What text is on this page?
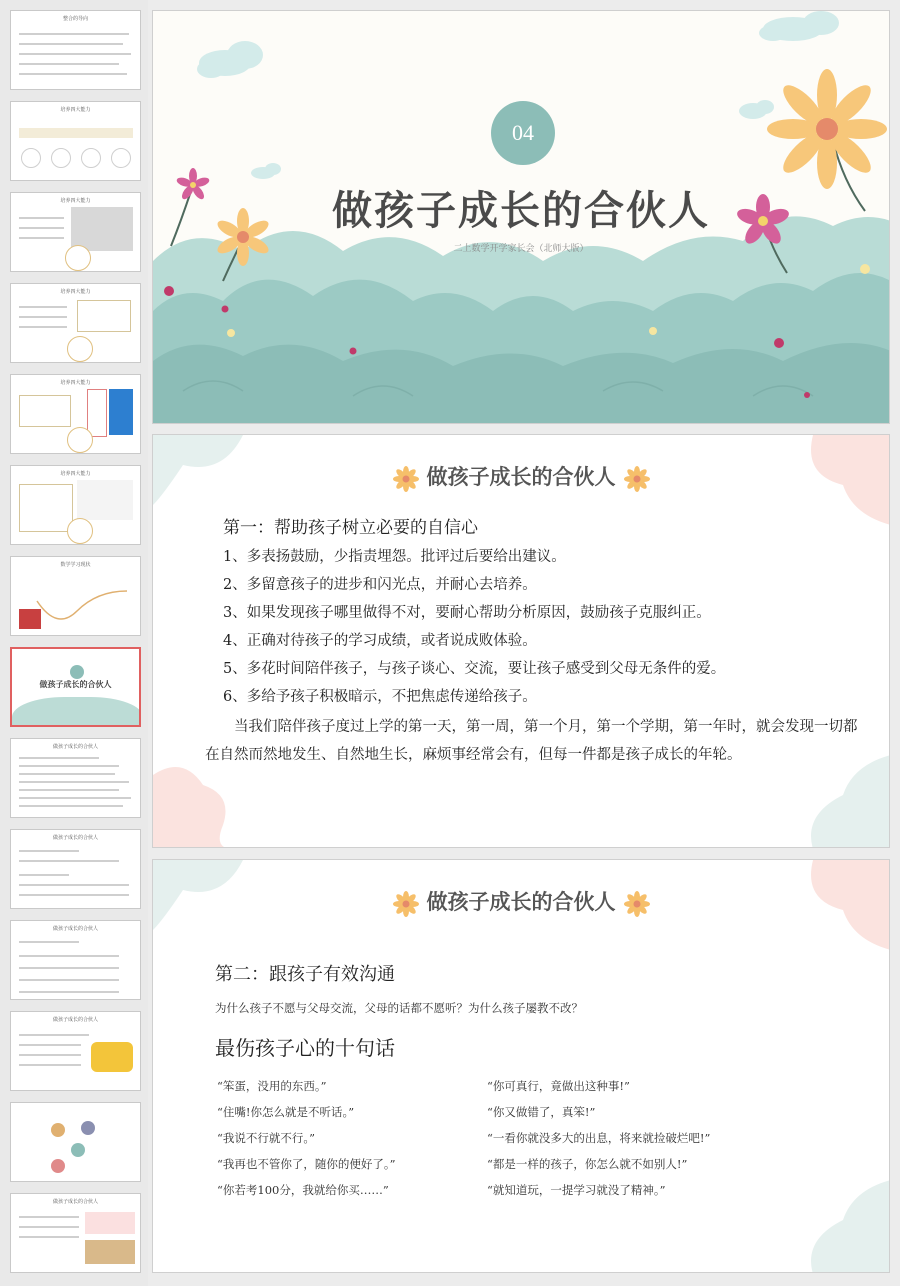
整合的导向
培养四大能力
培养四大能力
培养四大能力
培养四大能力
培养四大能力
数学学习现状
做孩子成长的合伙人
做孩子成长的合伙人
做孩子成长的合伙人
做孩子成长的合伙人
做孩子成长的合伙人
做孩子成长的合伙人
04
做孩子成长的合伙人
二上数学开学家长会（北师大版）
做孩子成长的合伙人
第一：帮助孩子树立必要的自信心
1、多表扬鼓励，少指责埋怨。批评过后要给出建议。
2、多留意孩子的进步和闪光点，并耐心去培养。
3、如果发现孩子哪里做得不对，要耐心帮助分析原因，鼓励孩子克服纠正。
4、正确对待孩子的学习成绩，或者说成败体验。
5、多花时间陪伴孩子，与孩子谈心、交流，要让孩子感受到父母无条件的爱。
6、多给予孩子积极暗示，不把焦虑传递给孩子。
当我们陪伴孩子度过上学的第一天，第一周，第一个月，第一个学期，第一年时，就会发现一切都在自然而然地发生、自然地生长，麻烦事经常会有，但每一件都是孩子成长的年轮。
做孩子成长的合伙人
第二：跟孩子有效沟通
为什么孩子不愿与父母交流，父母的话都不愿听？为什么孩子屡教不改？
最伤孩子心的十句话
“笨蛋，没用的东西。”
“住嘴!你怎么就是不听话。”
“我说不行就不行。”
“我再也不管你了，随你的便好了。”
“你若考100分，我就给你买……”
“你可真行，竟做出这种事!”
“你又做错了，真笨!”
“一看你就没多大的出息，将来就捡破烂吧!”
“都是一样的孩子，你怎么就不如别人!”
“就知道玩，一提学习就没了精神。”
